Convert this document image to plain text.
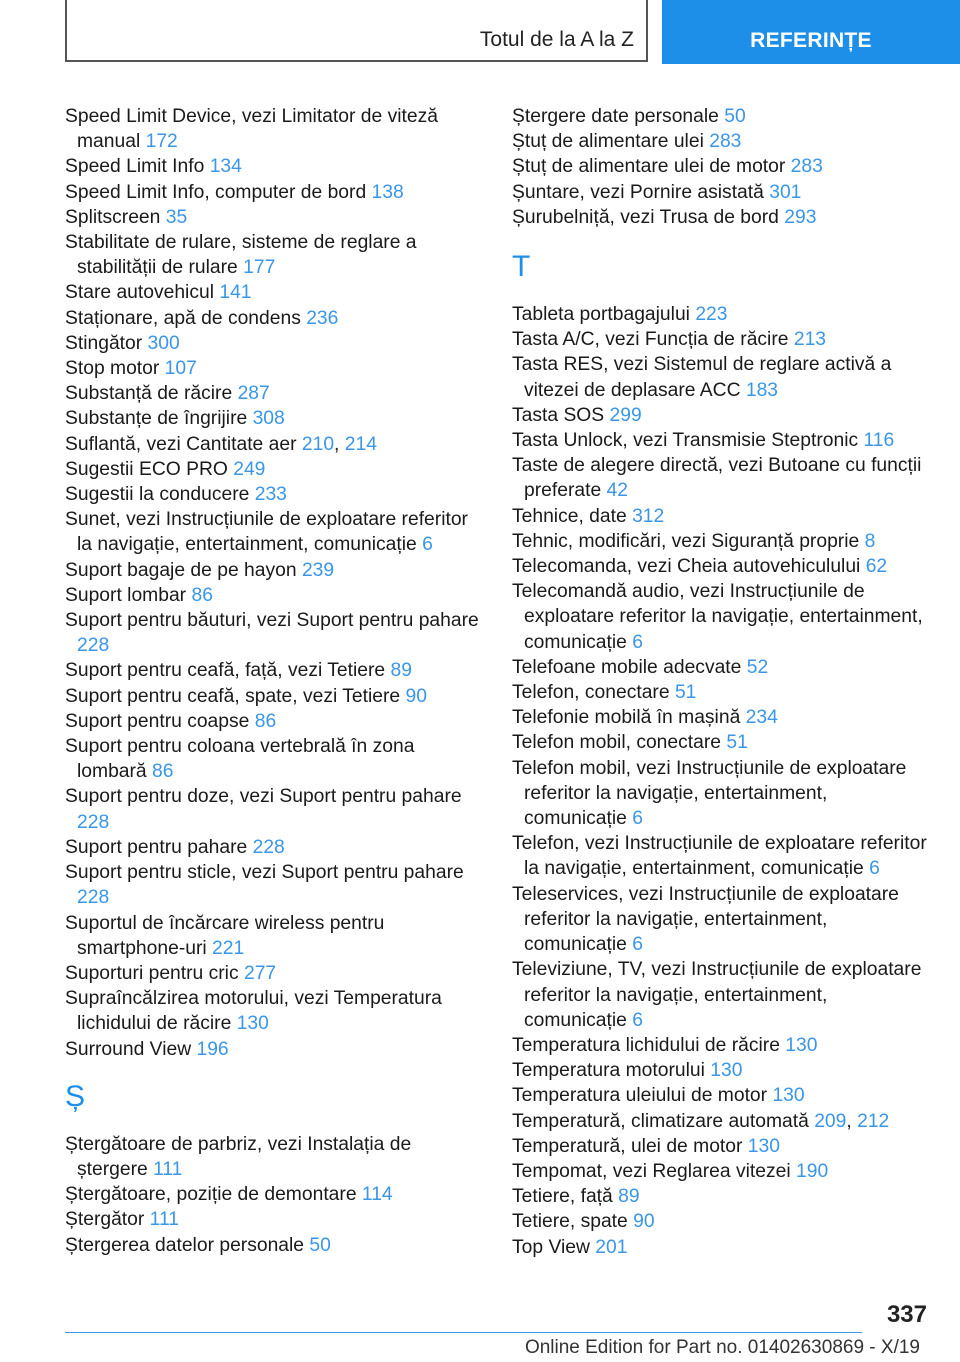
Totul de la A la Z	REFERINȚE
Speed Limit Device, vezi Limitator de viteză manual 172
Speed Limit Info 134
Speed Limit Info, computer de bord 138
Splitscreen 35
Stabilitate de rulare, sisteme de reglare a stabilității de rulare 177
Stare autovehicul 141
Staționare, apă de condens 236
Stingător 300
Stop motor 107
Substanță de răcire 287
Substanțe de îngrijire 308
Suflantă, vezi Cantitate aer 210, 214
Sugestii ECO PRO 249
Sugestii la conducere 233
Sunet, vezi Instrucțiunile de exploatare referitor la navigație, entertainment, comunicație 6
Suport bagaje de pe hayon 239
Suport lombar 86
Suport pentru băuturi, vezi Suport pentru pahare 228
Suport pentru ceafă, față, vezi Tetiere 89
Suport pentru ceafă, spate, vezi Tetiere 90
Suport pentru coapse 86
Suport pentru coloana vertebrală în zona lombară 86
Suport pentru doze, vezi Suport pentru pahare 228
Suport pentru pahare 228
Suport pentru sticle, vezi Suport pentru pahare 228
Suportul de încărcare wireless pentru smartphone-uri 221
Suporturi pentru cric 277
Supraîncălzirea motorului, vezi Temperatura lichidului de răcire 130
Surround View 196
Ș
Ștergătoare de parbriz, vezi Instalația de ștergere 111
Ștergătoare, poziție de demontare 114
Ștergător 111
Ștergerea datelor personale 50
Ștergere date personale 50
Ștuț de alimentare ulei 283
Ștuț de alimentare ulei de motor 283
Șuntare, vezi Pornire asistată 301
Șurubelniță, vezi Trusa de bord 293
T
Tableta portbagajului 223
Tasta A/C, vezi Funcția de răcire 213
Tasta RES, vezi Sistemul de reglare activă a vitezei de deplasare ACC 183
Tasta SOS 299
Tasta Unlock, vezi Transmisie Steptronic 116
Taste de alegere directă, vezi Butoane cu funcții preferate 42
Tehnice, date 312
Tehnic, modificări, vezi Siguranță proprie 8
Telecomanda, vezi Cheia autovehiculului 62
Telecomandă audio, vezi Instrucțiunile de exploatare referitor la navigație, entertainment, comunicație 6
Telefoane mobile adecvate 52
Telefon, conectare 51
Telefonie mobilă în mașină 234
Telefon mobil, conectare 51
Telefon mobil, vezi Instrucțiunile de exploatare referitor la navigație, entertainment, comunicație 6
Telefon, vezi Instrucțiunile de exploatare referitor la navigație, entertainment, comunicație 6
Teleservices, vezi Instrucțiunile de exploatare referitor la navigație, entertainment, comunicație 6
Televiziune, TV, vezi Instrucțiunile de exploatare referitor la navigație, entertainment, comunicație 6
Temperatura lichidului de răcire 130
Temperatura motorului 130
Temperatura uleiului de motor 130
Temperatură, climatizare automată 209, 212
Temperatură, ulei de motor 130
Tempomat, vezi Reglarea vitezei 190
Tetiere, față 89
Tetiere, spate 90
Top View 201
337
Online Edition for Part no. 01402630869 - X/19
